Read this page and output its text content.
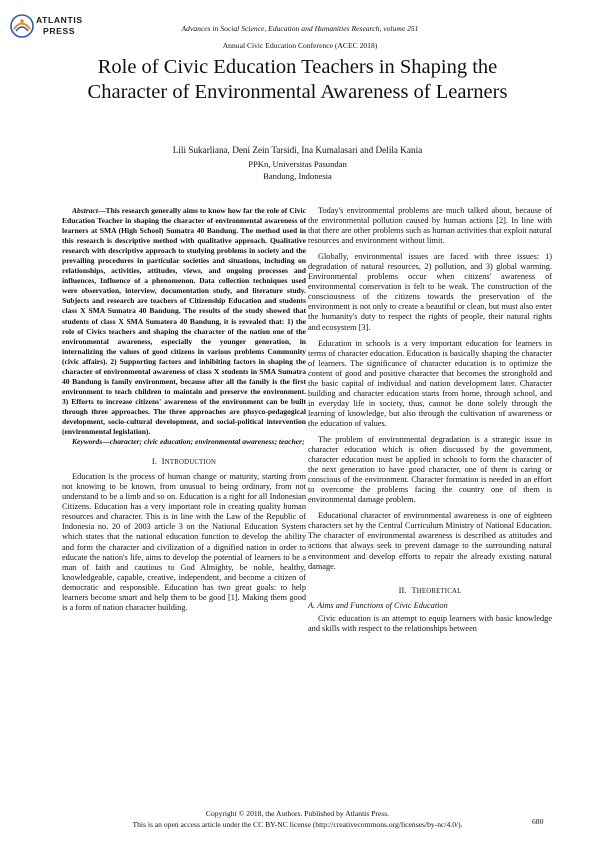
ATLANTIS
PRESS	Advances in Social Science, Education and Humanities Research, volume 251
Annual Civic Education Conference (ACEC 2018)
Role of Civic Education Teachers in Shaping the
Character of Environmental Awareness of Learners
Lili Sukarliana, Deni Zein Tarsidi, Ina Kumalasari and Delila Kania
PPKn, Universitas Pasundan
Bandung, Indonesia

Abstract—This research generally aims to know how far the role of Civic Education Teacher in shaping the character of environmental awareness of learners at SMA (High School) Sumatra 40 Bandung. The method used in this research is descriptive method with qualitative approach. Qualitative research with descriptive approach to studying problems in society and the prevailing procedures in particular societies and situations, including on relationships, activities, attitudes, views, and ongoing processes and influences, Influence of a phenomenon. Data collection techniques used were observation, interview, documentation study, and literature study. Subjects and research are teachers of Citizenship Education and students class X SMA Sumatra 40 Bandung. The results of the study showed that students of class X SMA Sumatera 40 Bandung, it is revealed that: 1) the role of Civics teachers and shaping the character of the nation one of the environmental awareness, especially the younger generation, in internalizing the values of good citizens in various problems Community (civic affairs). 2) Supporting factors and inhibiting factors in shaping the character of environmental awareness of class X students in SMA Sumatra 40 Bandung is family environment, because after all the family is the first environment to teach children to maintain and preserve the environment. 3) Efforts to increase citizens' awareness of the environment can be built through three approaches. The three approaches are phsyco-pedagogical development, socio-cultural development, and social-political intervention (environmental legislation).

Keywords—character; civic education; environmental awareness; teacher;

I. INTRODUCTION

Education is the process of human change or maturity, starting from not knowing to be known, from unusual to being ordinary, from not understand to be a limb and so on. Education is a right for all Indonesian Citizens. Education has a very important role in creating quality human resources and character. This is in line with the Law of the Republic of Indonesia no. 20 of 2003 article 3 on the National Education System which states that the national education function to develop the ability and form the character and civilization of a dignified nation in order to educate the nation's life, aims to develop the potential of learners to be a man of faith and cautious to God Almighty, be noble, healthy, knowledgeable, capable, creative, independent, and become a citizen of democratic and responsible. Education has two great goals: to help learners become smart and help them to be good [1]. Making them good is a form of nation character building.

Today's environmental problems are much talked about, because of the environmental pollution caused by human actions [2]. In line with that there are other problems such as human activities that exploit natural resources and environment without limit.

Globally, environmental issues are faced with three issues: 1) degradation of natural resources, 2) pollution, and 3) global warming. Environmental problems occur when citizens' awareness of environmental conservation is felt to be weak. The construction of the consciousness of the citizens towards the preservation of the environment is not only to create a beautiful or clean, but must also enter the humanity's duty to respect the rights of people, their natural rights and ecosystem [3].

Education in schools is a very important education for learners in terms of character education. Education is basically shaping the character of learners. The significance of character education is to optimize the content of good and positive character that becomes the stronghold and the basic capital of individual and nation development later. Character building and character education starts from home, through school, and in everyday life in society, thus, cannot be done solely through the learning of knowledge, but also through the cultivation of awareness or the education of values.

The problem of environmental degradation is a strategic issue in character education which is often discussed by the government, character education must be applied in schools to form the character of the next generation to have good character, one of them is caring or conscious of the environment. Character formation is needed in an effort to overcome the problems facing the country one of them is environmental damage problem.

Educational character of environmental awareness is one of eighteen characters set by the Central Curriculum Ministry of National Education. The character of environmental awareness is described as attitudes and actions that always seek to prevent damage to the surrounding natural environment and develop efforts to repair the already existing natural damage.

II. THEORETICAL
A. Aims and Functions of Civic Education

Civic education is an attempt to equip learners with basic knowledge and skills with respect to the relationships between

Copyright © 2018, the Authors. Published by Atlantis Press.
This is an open access article under the CC BY-NC license (http://creativecommons.org/licenses/by-nc/4.0/).	680
